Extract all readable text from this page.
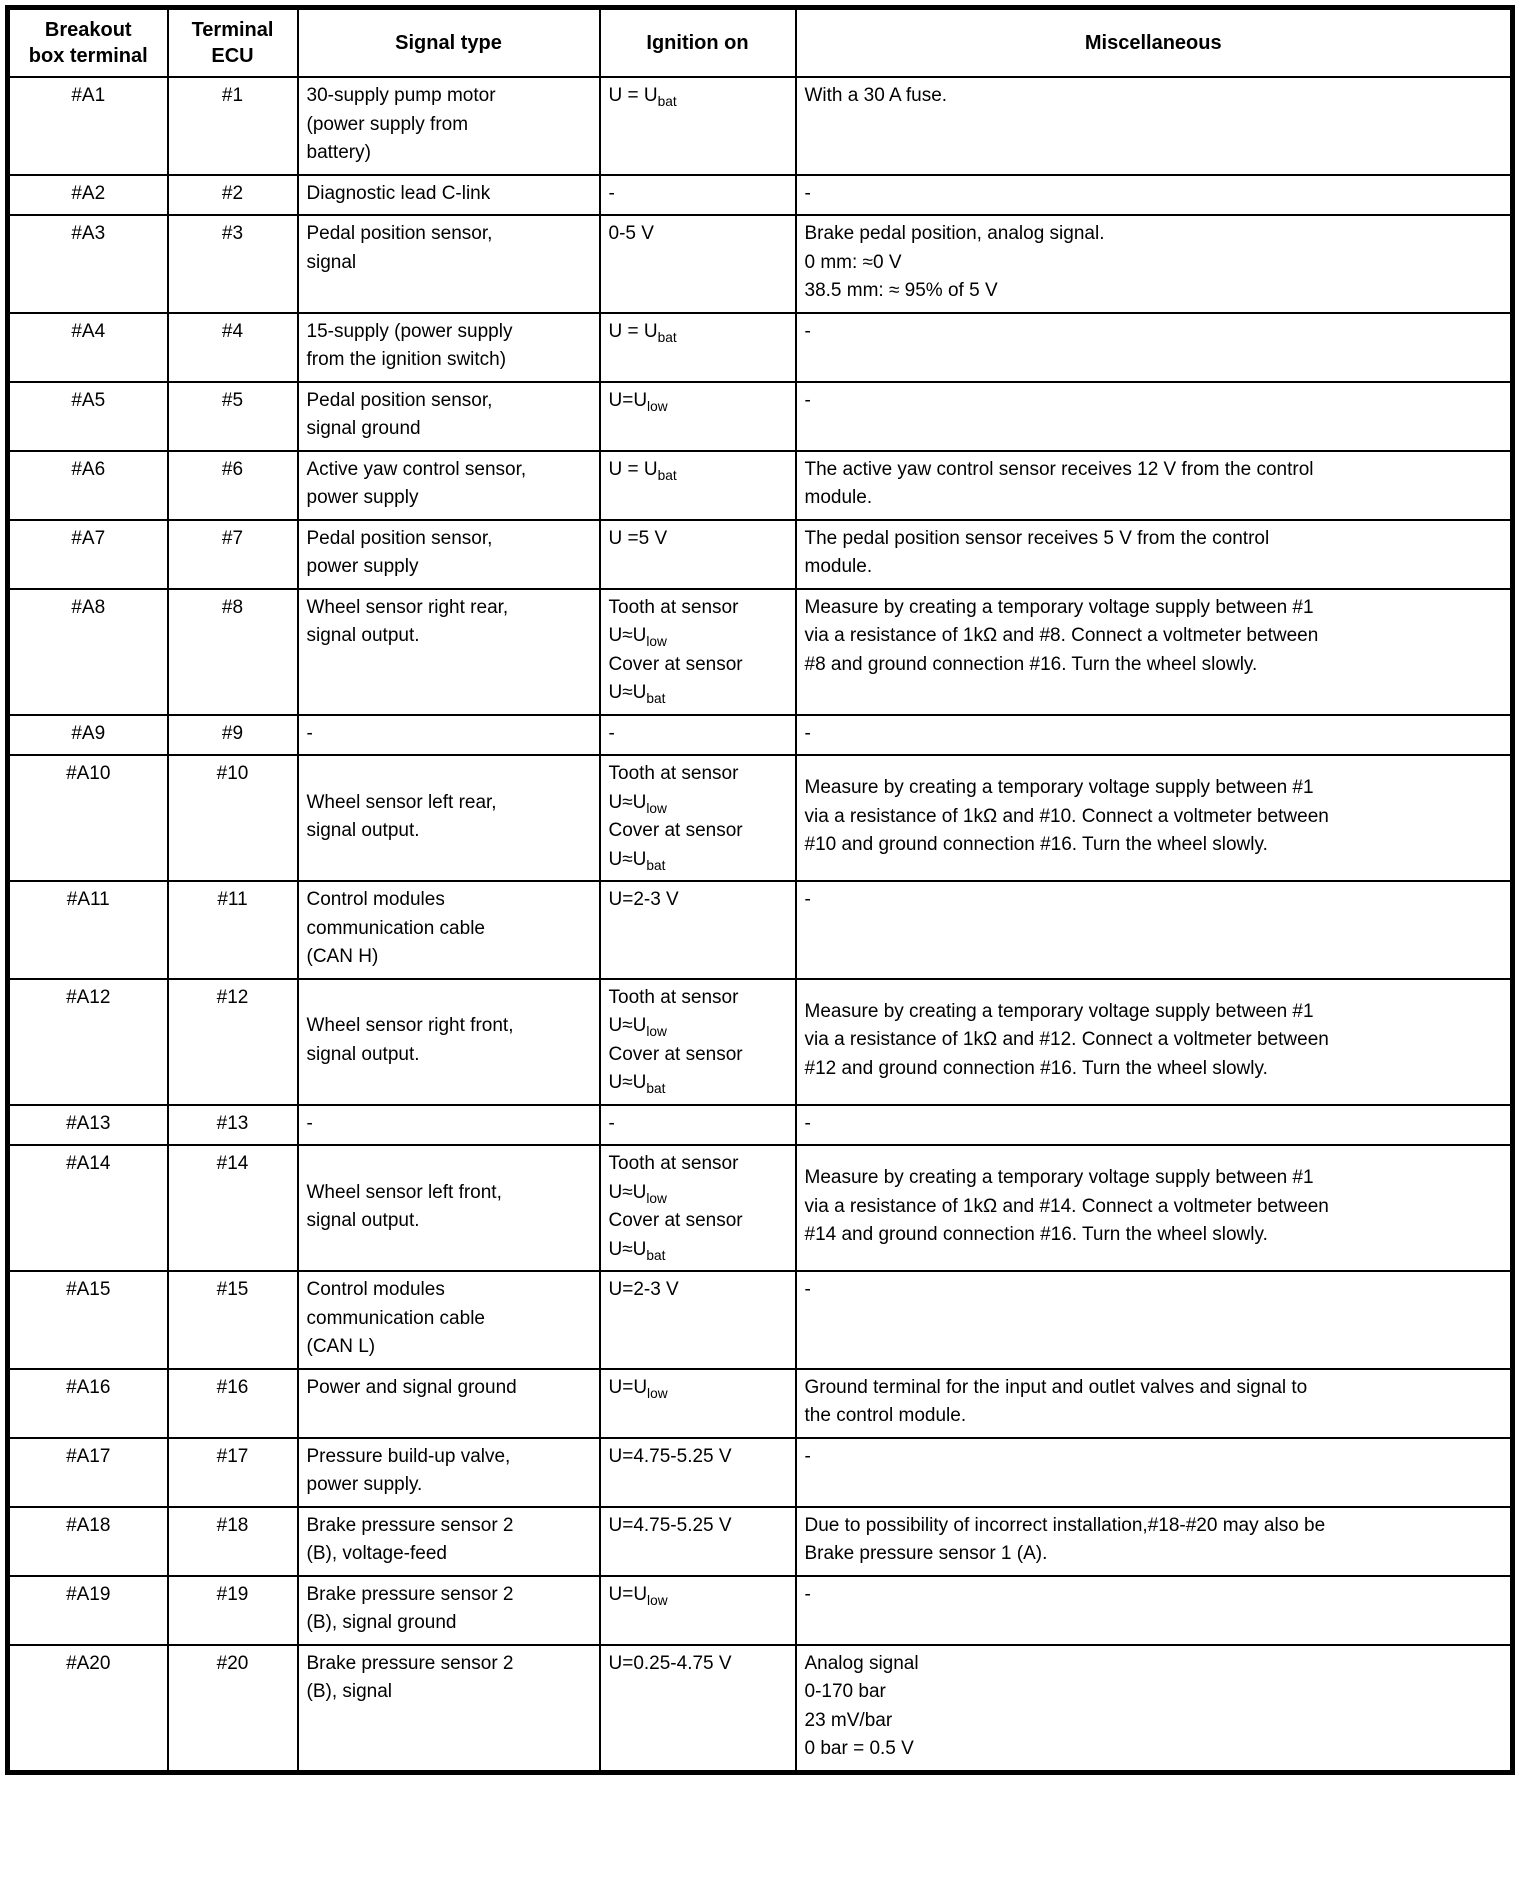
Breakout
box terminal	Terminal
ECU	Signal type	Ignition on	Miscellaneous
#A1	#1	30-supply pump motor
(power supply from
battery)	$U = U_{bat}$	With a 30 A fuse.
#A2	#2	Diagnostic lead C-link	-	-
#A3	#3	Pedal position sensor,
signal	0-5 V	Brake pedal position, analog signal.
0 mm: ≈0 V
38.5 mm: ≈ 95% of 5 V
#A4	#4	15-supply (power supply
from the ignition switch)	$U = U_{bat}$	-
#A5	#5	Pedal position sensor,
signal ground	$U=U_{low}$	-
#A6	#6	Active yaw control sensor,
power supply	$U = U_{bat}$	The active yaw control sensor receives 12 V from the control
module.
#A7	#7	Pedal position sensor,
power supply	U =5 V	The pedal position sensor receives 5 V from the control
module.
#A8	#8	Wheel sensor right rear,
signal output.	Tooth at sensor
$U\approx U_{low}$
Cover at sensor
$U\approx U_{bat}$	Measure by creating a temporary voltage supply between #1
via a resistance of 1kΩ and #8. Connect a voltmeter between
#8 and ground connection #16. Turn the wheel slowly.
#A9	#9	-	-	-
#A10	#10	Wheel sensor left rear,
signal output.	Tooth at sensor
$U\approx U_{low}$
Cover at sensor
$U\approx U_{bat}$	Measure by creating a temporary voltage supply between #1
via a resistance of 1kΩ and #10. Connect a voltmeter between
#10 and ground connection #16. Turn the wheel slowly.
#A11	#11	Control modules
communication cable
(CAN H)	U=2-3 V	-
#A12	#12	Wheel sensor right front,
signal output.	Tooth at sensor
$U\approx U_{low}$
Cover at sensor
$U\approx U_{bat}$	Measure by creating a temporary voltage supply between #1
via a resistance of 1kΩ and #12. Connect a voltmeter between
#12 and ground connection #16. Turn the wheel slowly.
#A13	#13	-	-	-
#A14	#14	Wheel sensor left front,
signal output.	Tooth at sensor
$U\approx U_{low}$
Cover at sensor
$U\approx U_{bat}$	Measure by creating a temporary voltage supply between #1
via a resistance of 1kΩ and #14. Connect a voltmeter between
#14 and ground connection #16. Turn the wheel slowly.
#A15	#15	Control modules
communication cable
(CAN L)	U=2-3 V	-
#A16	#16	Power and signal ground	$U=U_{low}$	Ground terminal for the input and outlet valves and signal to
the control module.
#A17	#17	Pressure build-up valve,
power supply.	U=4.75-5.25 V	-
#A18	#18	Brake pressure sensor 2
(B), voltage-feed	U=4.75-5.25 V	Due to possibility of incorrect installation,#18-#20 may also be
Brake pressure sensor 1 (A).
#A19	#19	Brake pressure sensor 2
(B), signal ground	$U=U_{low}$	-
#A20	#20	Brake pressure sensor 2
(B), signal	U=0.25-4.75 V	Analog signal
0-170 bar
23 mV/bar
0 bar = 0.5 V
